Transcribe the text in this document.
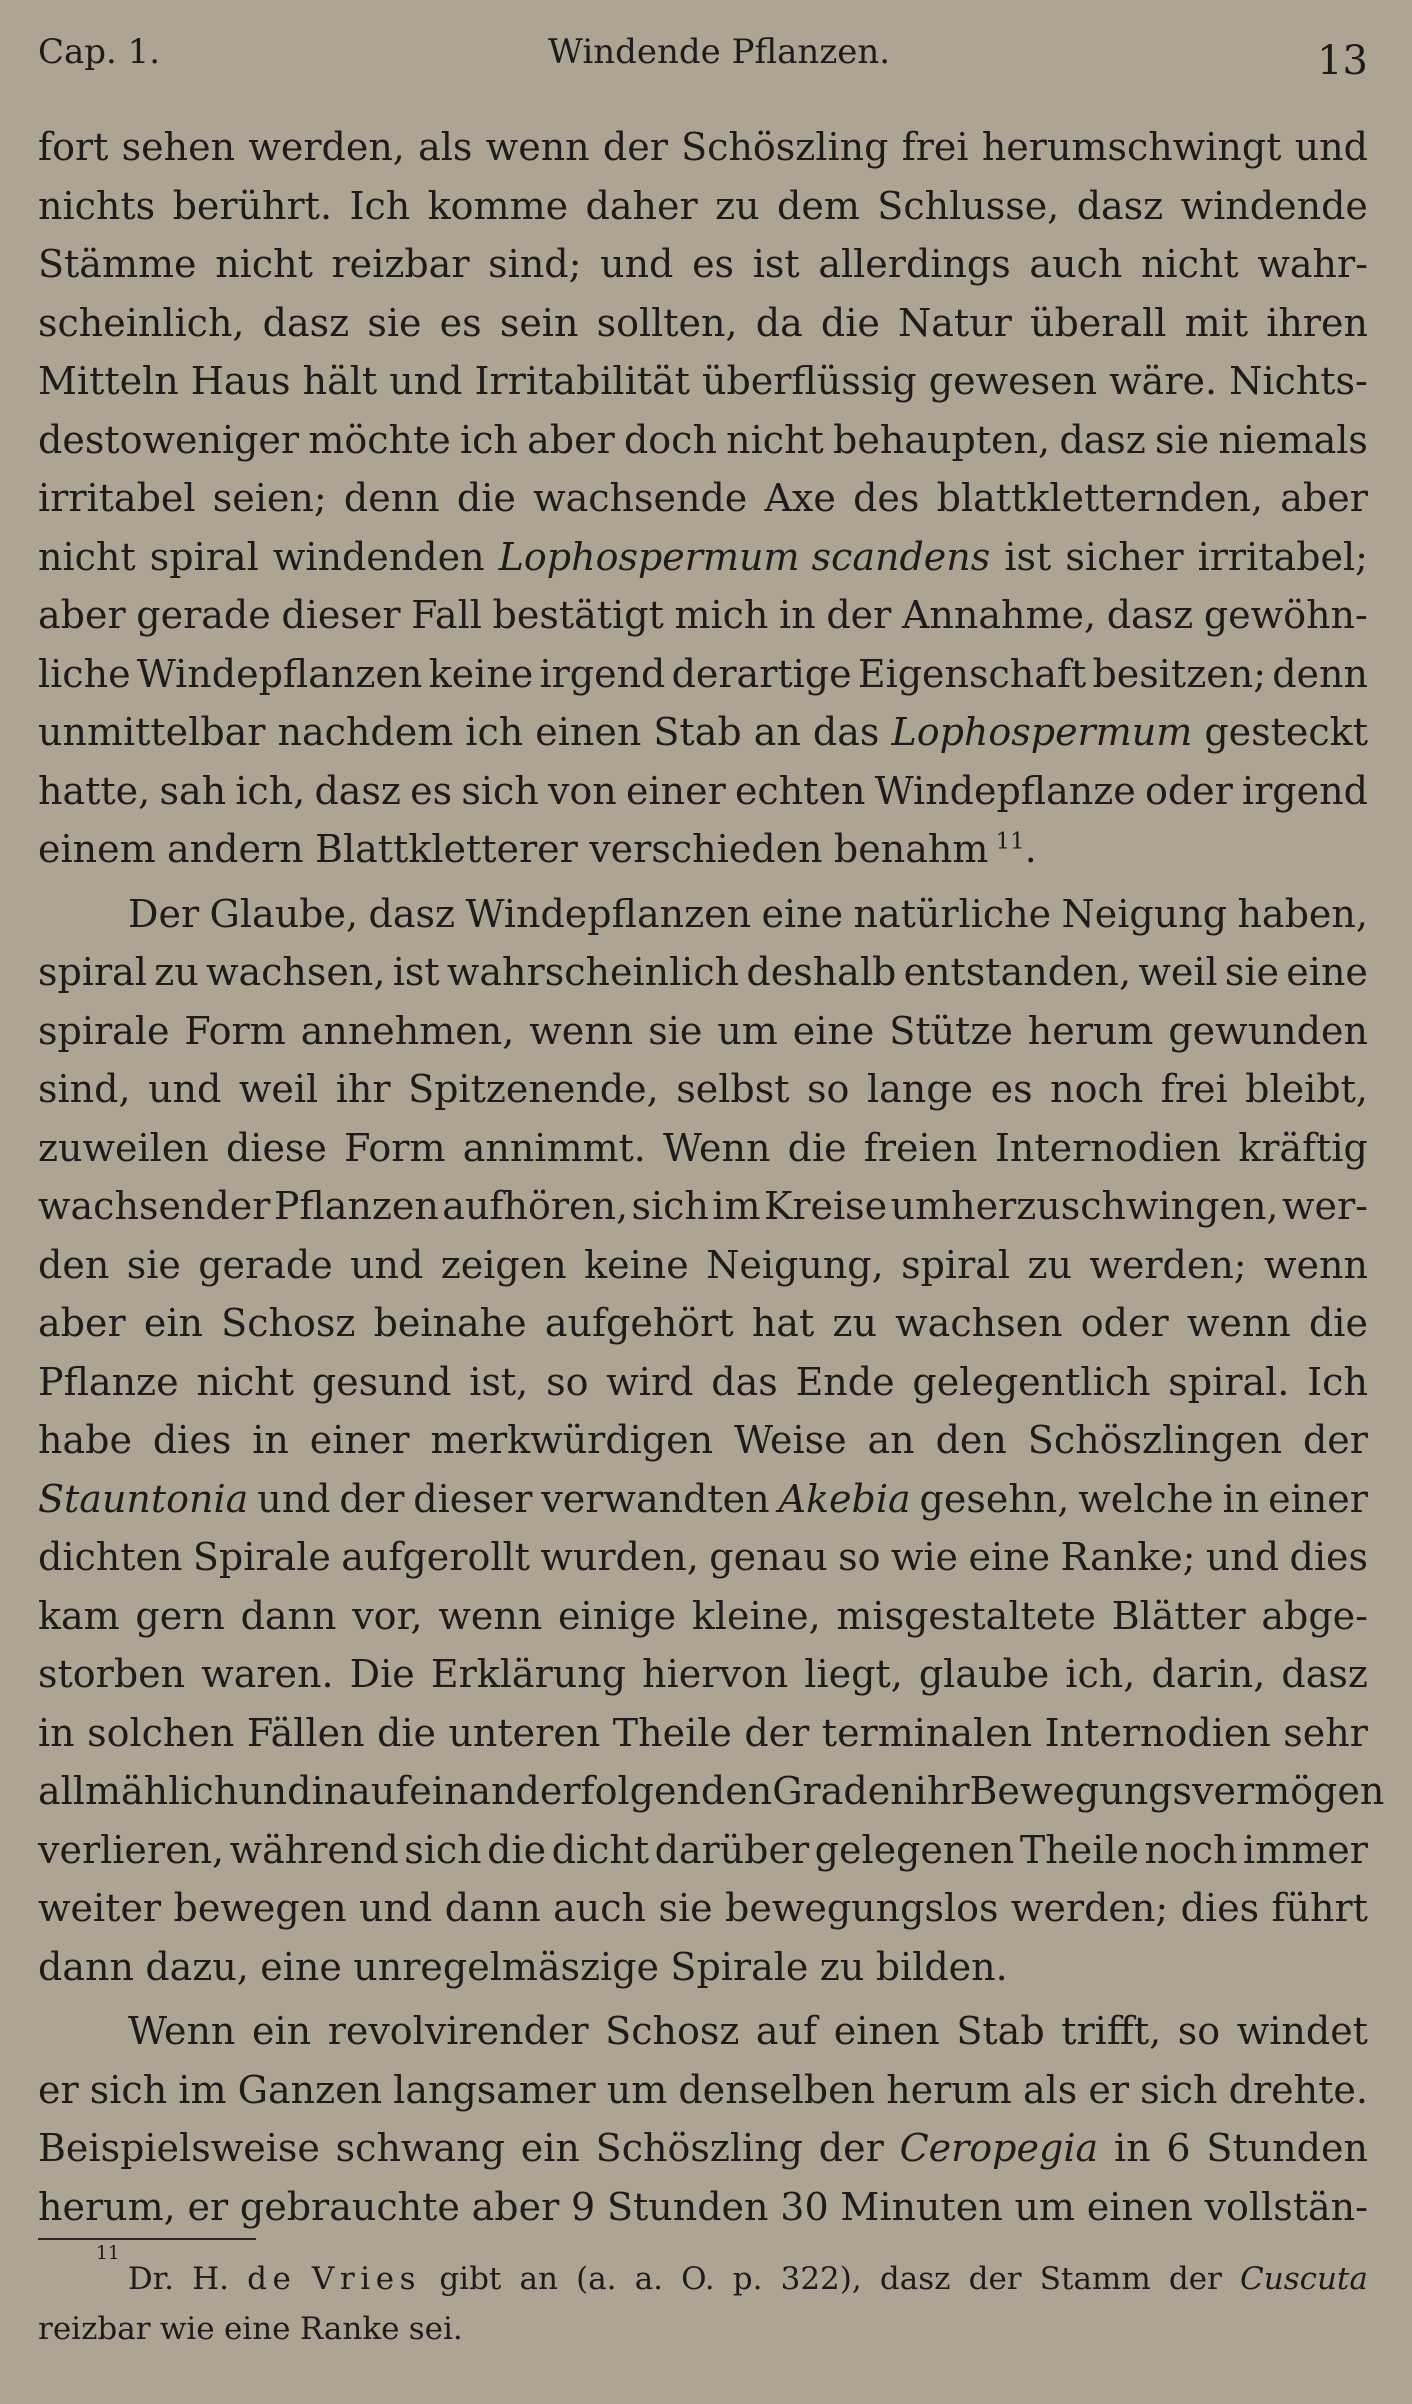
Cap. 1.	Windende Pflanzen.	13
fort sehen werden, als wenn der Schöszling frei herumschwingt und
nichts berührt. Ich komme daher zu dem Schlusse, dasz windende
Stämme nicht reizbar sind; und es ist allerdings auch nicht wahr-
scheinlich, dasz sie es sein sollten, da die Natur überall mit ihren
Mitteln Haus hält und Irritabilität überflüssig gewesen wäre. Nichts-
destoweniger möchte ich aber doch nicht behaupten, dasz sie niemals
irritabel seien; denn die wachsende Axe des blattkletternden, aber
nicht spiral windenden Lophospermum scandens ist sicher irritabel;
aber gerade dieser Fall bestätigt mich in der Annahme, dasz gewöhn-
liche Windepflanzen keine irgend derartige Eigenschaft besitzen; denn
unmittelbar nachdem ich einen Stab an das Lophospermum gesteckt
hatte, sah ich, dasz es sich von einer echten Windepflanze oder irgend
einem andern Blattkletterer verschieden benahm $^{11}$.
Der Glaube, dasz Windepflanzen eine natürliche Neigung haben,
spiral zu wachsen, ist wahrscheinlich deshalb entstanden, weil sie eine
spirale Form annehmen, wenn sie um eine Stütze herum gewunden
sind, und weil ihr Spitzenende, selbst so lange es noch frei bleibt,
zuweilen diese Form annimmt. Wenn die freien Internodien kräftig
wachsender Pflanzen aufhören, sich im Kreise umherzuschwingen, wer-
den sie gerade und zeigen keine Neigung, spiral zu werden; wenn
aber ein Schosz beinahe aufgehört hat zu wachsen oder wenn die
Pflanze nicht gesund ist, so wird das Ende gelegentlich spiral. Ich
habe dies in einer merkwürdigen Weise an den Schöszlingen der
Stauntonia und der dieser verwandten Akebia gesehn, welche in einer
dichten Spirale aufgerollt wurden, genau so wie eine Ranke; und dies
kam gern dann vor, wenn einige kleine, misgestaltete Blätter abge-
storben waren. Die Erklärung hiervon liegt, glaube ich, darin, dasz
in solchen Fällen die unteren Theile der terminalen Internodien sehr
allmählich und in aufeinanderfolgenden Graden ihr Bewegungsvermögen
verlieren, während sich die dicht darüber gelegenen Theile noch immer
weiter bewegen und dann auch sie bewegungslos werden; dies führt
dann dazu, eine unregelmäszige Spirale zu bilden.
Wenn ein revolvirender Schosz auf einen Stab trifft, so windet
er sich im Ganzen langsamer um denselben herum als er sich drehte.
Beispielsweise schwang ein Schöszling der Ceropegia in 6 Stunden
herum, er gebrauchte aber 9 Stunden 30 Minuten um einen vollstän-
11
Dr. H. de Vries gibt an (a. a. O. p. 322), dasz der Stamm der Cuscuta
reizbar wie eine Ranke sei.
